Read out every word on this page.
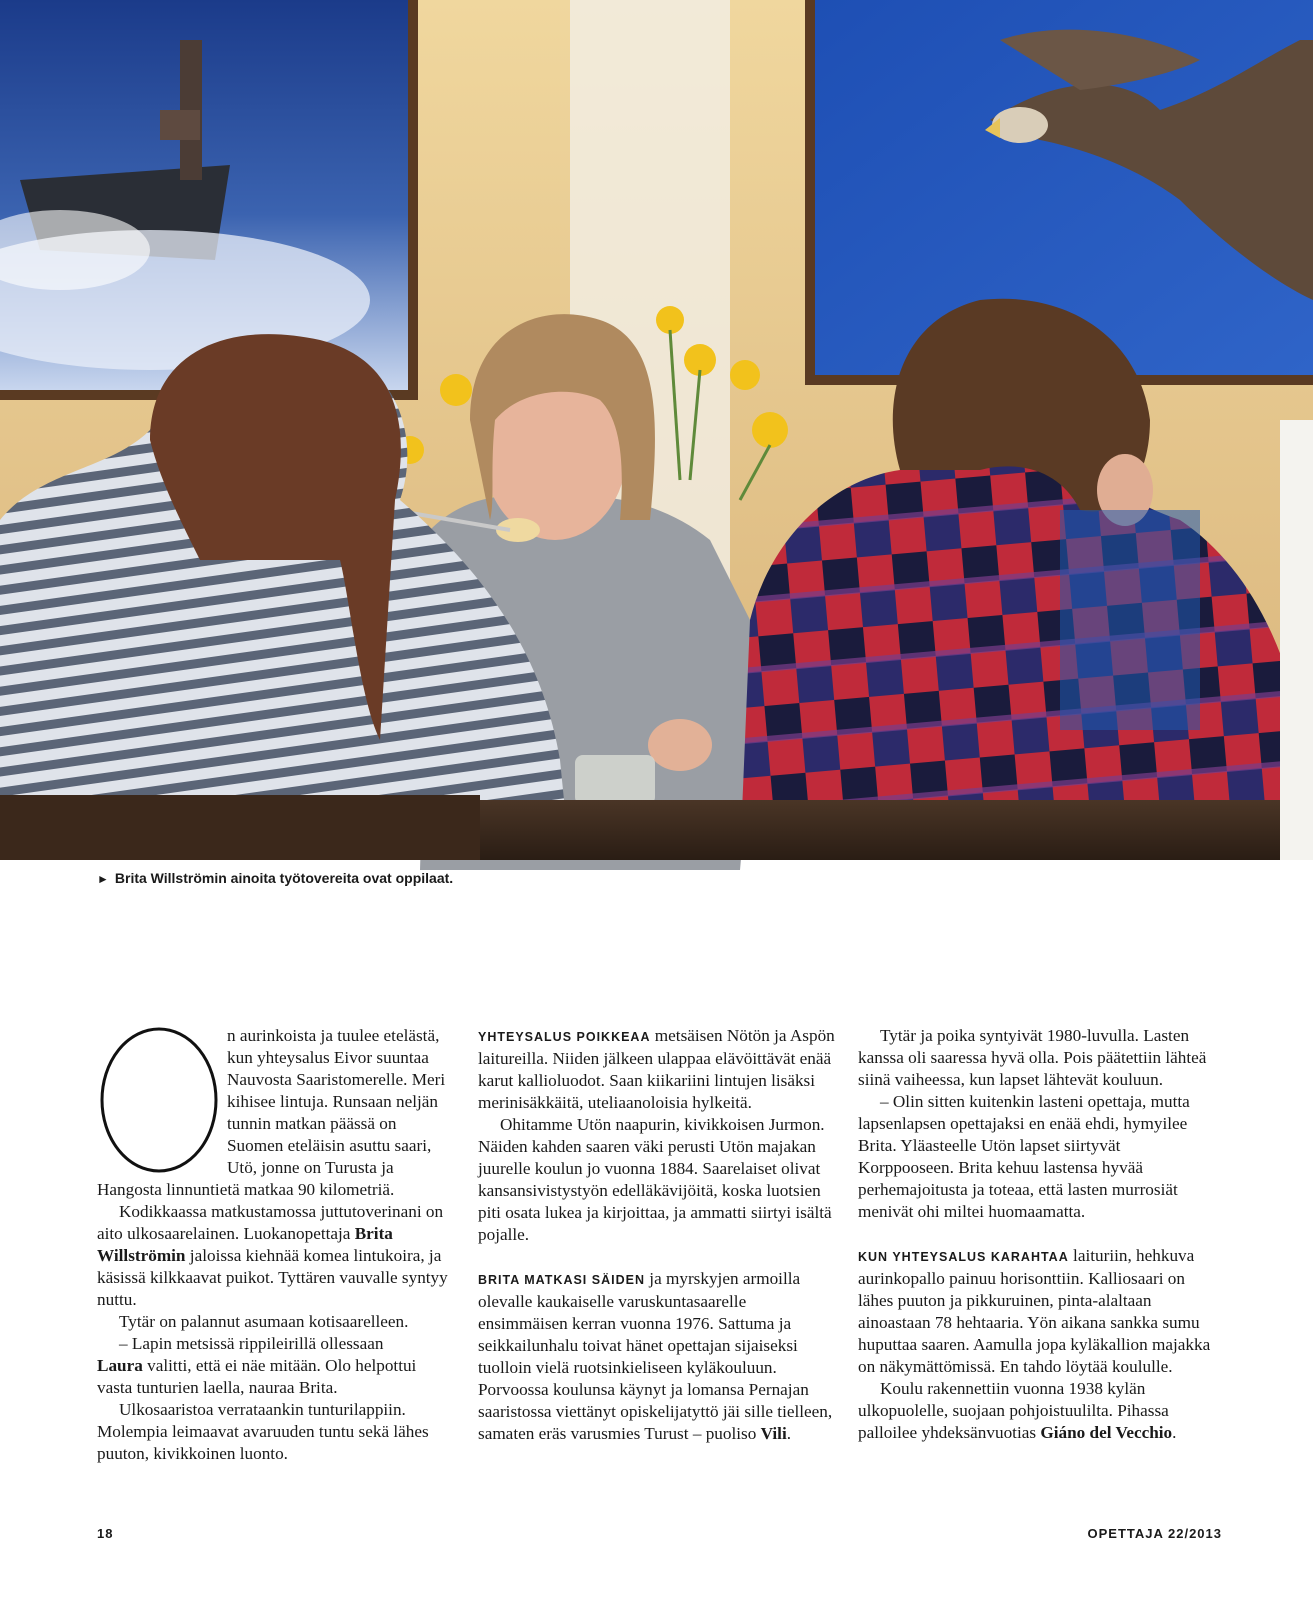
► Brita Willströmin ainoita työtovereita ovat oppilaat.
O

n aurinkoista ja tuulee etelästä, kun yhteysalus Eivor suuntaa Nauvosta Saaristomerelle. Meri kihisee lintuja. Runsaan neljän tunnin matkan päässä on Suomen eteläisin asuttu saari, Utö, jonne on Turusta ja Hangosta linnuntietä matkaa 90 kilometriä.

Kodikkaassa matkustamossa juttutoverinani on aito ulkosaarelainen. Luokanopettaja Brita Willströmin jaloissa kiehnää komea lintukoira, ja käsissä kilkkaavat puikot. Tyttären vauvalle syntyy nuttu.

Tytär on palannut asumaan kotisaarelleen.

– Lapin metsissä rippileirillä ollessaan
Laura valitti, että ei näe mitään. Olo helpottui vasta tunturien laella, nauraa Brita.

Ulkosaaristoa verrataankin tunturilappiin. Molempia leimaavat avaruuden tuntu sekä lähes puuton, kivikkoinen luonto.

YHTEYSALUS POIKKEAA metsäisen Nötön ja Aspön laitureilla. Niiden jälkeen ulappaa elävöittävät enää karut kallioluodot. Saan kiikariini lintujen lisäksi merinisäkkäitä, uteliaanoloisia hylkeitä.

Ohitamme Utön naapurin, kivikkoisen Jurmon. Näiden kahden saaren väki perusti Utön majakan juurelle koulun jo vuonna 1884. Saarelaiset olivat kansansivistystyön edelläkävijöitä, koska luotsien piti osata lukea ja kirjoittaa, ja ammatti siirtyi isältä pojalle.

BRITA MATKASI SÄIDEN ja myrskyjen armoilla olevalle kaukaiselle varuskuntasaarelle ensimmäisen kerran vuonna 1976. Sattuma ja seikkailunhalu toivat hänet opettajan sijaiseksi tuolloin vielä ruotsinkieliseen kyläkouluun. Porvoossa koulunsa käynyt ja lomansa Pernajan saaristossa viettänyt opiskelijatyttö jäi sille tielleen, samaten eräs varusmies Turust – puoliso Vili.

Tytär ja poika syntyivät 1980-luvulla. Lasten kanssa oli saaressa hyvä olla. Pois päätettiin lähteä siinä vaiheessa, kun lapset lähtevät kouluun.

– Olin sitten kuitenkin lasteni opettaja, mutta lapsenlapsen opettajaksi en enää ehdi, hymyilee Brita. Yläasteelle Utön lapset siirtyvät Korppooseen. Brita kehuu lastensa hyvää perhemajoitusta ja toteaa, että lasten murrosiät menivät ohi miltei huomaamatta.

KUN YHTEYSALUS KARAHTAA laituriin, hehkuva aurinkopallo painuu horisonttiin. Kalliosaari on lähes puuton ja pikkuruinen, pinta-alaltaan ainoastaan 78 hehtaaria. Yön aikana sankka sumu huputtaa saaren. Aamulla jopa kyläkallion majakka on näkymättömissä. En tahdo löytää koululle.

Koulu rakennettiin vuonna 1938 kylän ulkopuolelle, suojaan pohjoistuulilta. Pihassa palloilee yhdeksänvuotias Giáno del Vecchio.

18	OPETTAJA 22/2013
